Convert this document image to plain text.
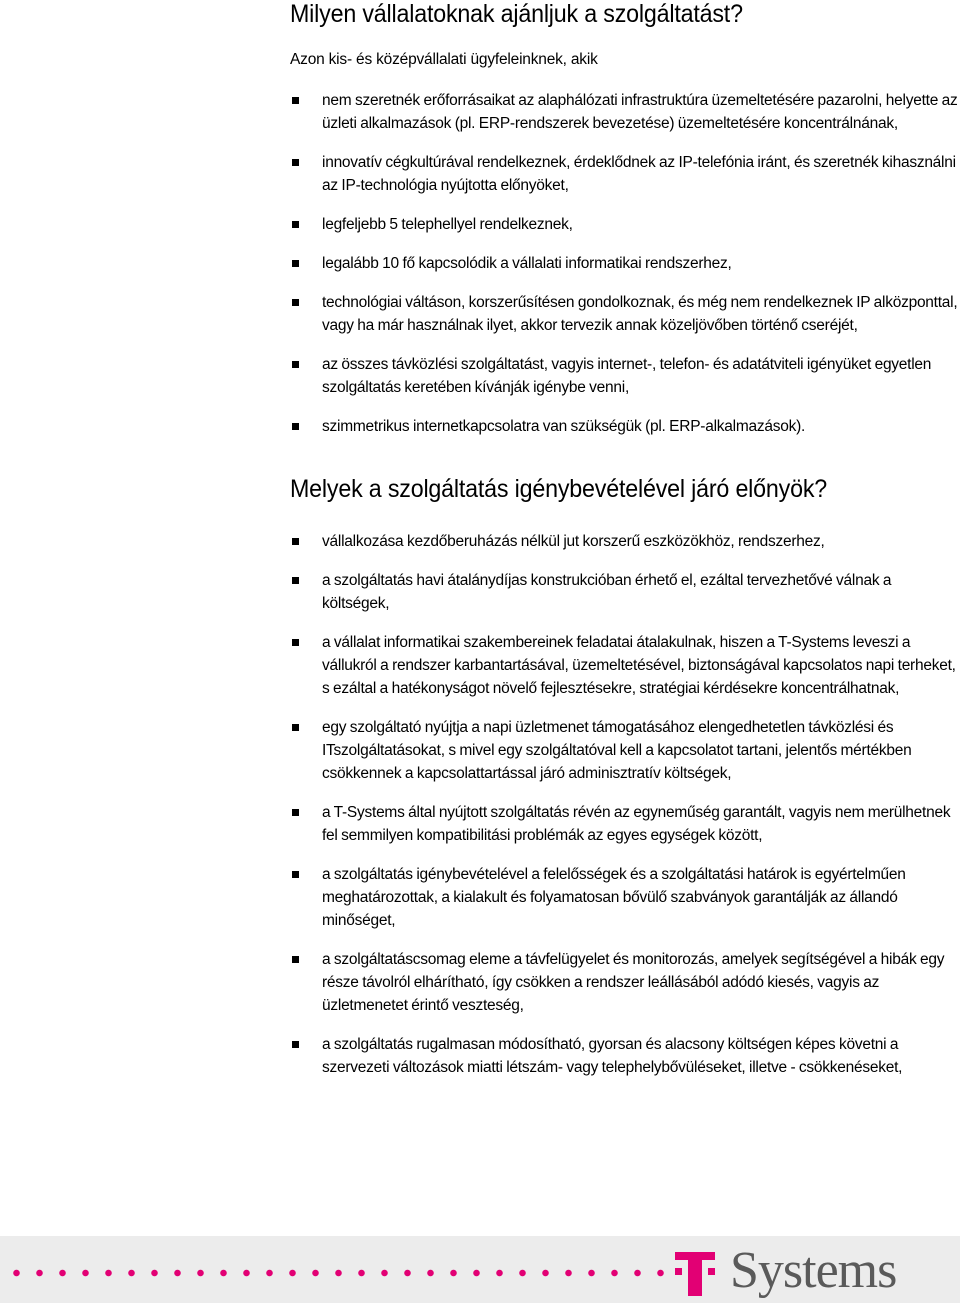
Milyen vállalatoknak ajánljuk a szolgáltatást?

Azon kis- és középvállalati ügyfeleinknek, akik

nem szeretnék erőforrásaikat az alaphálózati infrastruktúra üzemeltetésére pazarolni, helyette az üzleti alkalmazások (pl. ERP-rendszerek bevezetése) üzemeltetésére koncentrálnának,
innovatív cégkultúrával rendelkeznek, érdeklődnek az IP-telefónia iránt, és szeretnék kihasználni az IP-technológia nyújtotta előnyöket,
legfeljebb 5 telephellyel rendelkeznek,
legalább 10 fő kapcsolódik a vállalati informatikai rendszerhez,
technológiai váltáson, korszerűsítésen gondolkoznak, és még nem rendelkeznek IP alközponttal, vagy ha már használnak ilyet, akkor tervezik annak közeljövőben történő cseréjét,
az összes távközlési szolgáltatást, vagyis internet-, telefon- és adatátviteli igényüket egyetlen szolgáltatás keretében kívánják igénybe venni,
szimmetrikus internetkapcsolatra van szükségük (pl. ERP-alkalmazások).
Melyek a szolgáltatás igénybevételével járó előnyök?
vállalkozása kezdőberuházás nélkül jut korszerű eszközökhöz, rendszerhez,
a szolgáltatás havi átalánydíjas konstrukcióban érhető el, ezáltal tervezhetővé válnak a költségek,
a vállalat informatikai szakembereinek feladatai átalakulnak, hiszen a T-Systems leveszi a vállukról a rendszer karbantartásával, üzemeltetésével, biztonságával kapcsolatos napi terheket, s ezáltal a hatékonyságot növelő fejlesztésekre, stratégiai kérdésekre koncentrálhatnak,
egy szolgáltató nyújtja a napi üzletmenet támogatásához elengedhetetlen távközlési és ITszolgáltatásokat, s mivel egy szolgáltatóval kell a kapcsolatot tartani, jelentős mértékben csökkennek a kapcsolattartással járó adminisztratív költségek,
a T-Systems által nyújtott szolgáltatás révén az egyneműség garantált, vagyis nem merülhetnek fel semmilyen kompatibilitási problémák az egyes egységek között,
a szolgáltatás igénybevételével a felelősségek és a szolgáltatási határok is egyértelműen meghatározottak, a kialakult és folyamatosan bővülő szabványok garantálják az állandó minőséget,
a szolgáltatáscsomag eleme a távfelügyelet és monitorozás, amelyek segítségével a hibák egy része távolról elhárítható, így csökken a rendszer leállásából adódó kiesés, vagyis az üzletmenetet érintő veszteség,
a szolgáltatás rugalmasan módosítható, gyorsan és alacsony költségen képes követni a szervezeti változások miatti létszám- vagy telephelybővüléseket, illetve - csökkenéseket,
Systems
